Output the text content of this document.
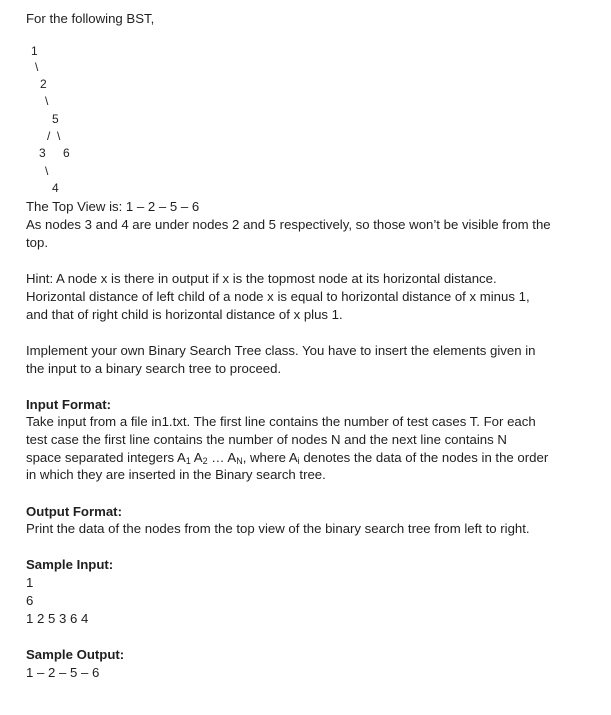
For the following BST,
1
\
2
\
5
/ \
3 6
\
4
The Top View is: 1 – 2 – 5 – 6
As nodes 3 and 4 are under nodes 2 and 5 respectively, so those won’t be visible from the
top.
Hint: A node x is there in output if x is the topmost node at its horizontal distance.
Horizontal distance of left child of a node x is equal to horizontal distance of x minus 1,
and that of right child is horizontal distance of x plus 1.
Implement your own Binary Search Tree class. You have to insert the elements given in
the input to a binary search tree to proceed.
Input Format:
Take input from a file in1.txt. The first line contains the number of test cases T. For each
test case the first line contains the number of nodes N and the next line contains N
space separated integers $A_1$ $A_2$ … $A_N$, where $A_i$ denotes the data of the nodes in the order
in which they are inserted in the Binary search tree.
Output Format:
Print the data of the nodes from the top view of the binary search tree from left to right.
Sample Input:
1
6
1 2 5 3 6 4
Sample Output:
1 – 2 – 5 – 6
